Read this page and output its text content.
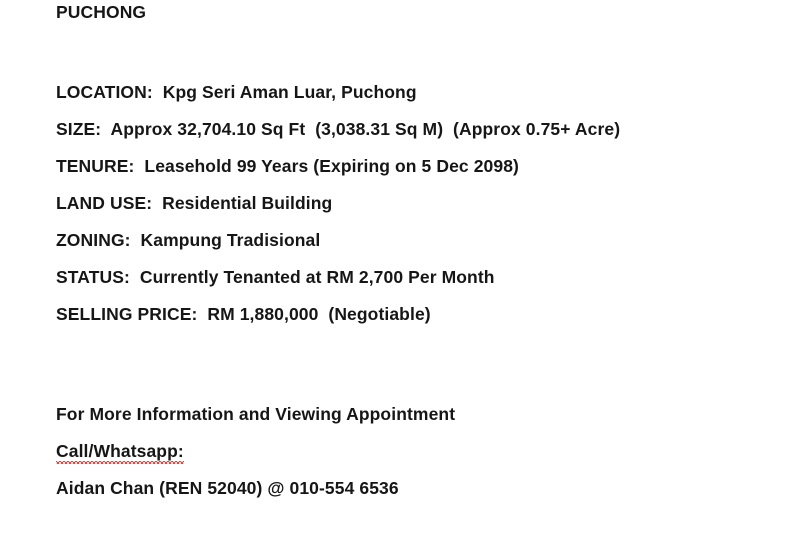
PUCHONG
LOCATION:  Kpg Seri Aman Luar, Puchong
SIZE:  Approx 32,704.10 Sq Ft  (3,038.31 Sq M)  (Approx 0.75+ Acre)
TENURE:  Leasehold 99 Years (Expiring on 5 Dec 2098)
LAND USE:  Residential Building
ZONING:  Kampung Tradisional
STATUS:  Currently Tenanted at RM 2,700 Per Month
SELLING PRICE:  RM 1,880,000  (Negotiable)
For More Information and Viewing Appointment
Call/Whatsapp:
Aidan Chan (REN 52040) @ 010-554 6536
